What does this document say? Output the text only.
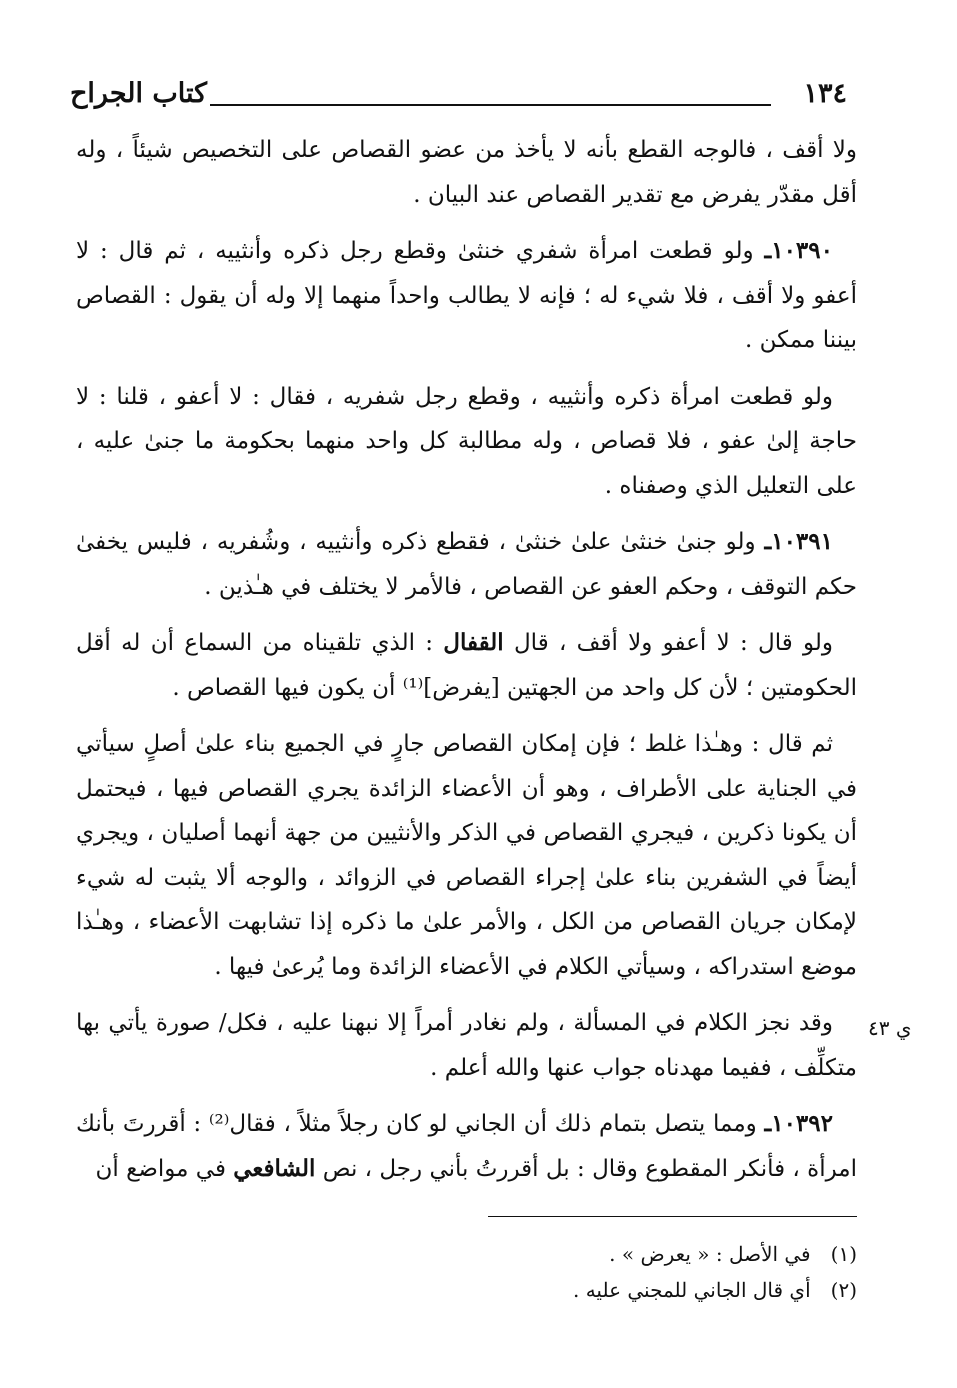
١٣٤
كتاب الجراح

ولا أقف ، فالوجه القطع بأنه لا يأخذ من عضو القصاص على التخصيص شيئاً ، وله أقل مقدّر يفرض مع تقدير القصاص عند البيان .

١٠٣٩٠ـ ولو قطعت امرأة شفري خنثىٰ وقطع رجل ذكره وأنثييه ، ثم قال : لا أعفو ولا أقف ، فلا شيء له ؛ فإنه لا يطالب واحداً منهما إلا وله أن يقول : القصاص بيننا ممكن .

ولو قطعت امرأة ذكره وأنثييه ، وقطع رجل شفريه ، فقال : لا أعفو ، قلنا : لا حاجة إلىٰ عفو ، فلا قصاص ، وله مطالبة كل واحد منهما بحكومة ما جنىٰ عليه ، على التعليل الذي وصفناه .

١٠٣٩١ـ ولو جنىٰ خنثىٰ علىٰ خنثىٰ ، فقطع ذكره وأنثييه ، وشُفريه ، فليس يخفىٰ حكم التوقف ، وحكم العفو عن القصاص ، فالأمر لا يختلف في هـٰذين .

ولو قال : لا أعفو ولا أقف ، قال القفال : الذي تلقيناه من السماع أن له أقل الحكومتين ؛ لأن كل واحد من الجهتين [يفرض]⁽¹⁾ أن يكون فيها القصاص .

ثم قال : وهـٰذا غلط ؛ فإن إمكان القصاص جارٍ في الجميع بناء علىٰ أصلٍ سيأتي في الجناية على الأطراف ، وهو أن الأعضاء الزائدة يجري القصاص فيها ، فيحتمل أن يكونا ذكرين ، فيجري القصاص في الذكر والأنثيين من جهة أنهما أصليان ، ويجري أيضاً في الشفرين بناء علىٰ إجراء القصاص في الزوائد ، والوجه ألا يثبت له شيء لإمكان جريان القصاص من الكل ، والأمر علىٰ ما ذكره إذا تشابهت الأعضاء ، وهـٰذا موضع استدراكه ، وسيأتي الكلام في الأعضاء الزائدة وما يُرعىٰ فيها .

وقد نجز الكلام في المسألة ، ولم نغادر أمراً إلا نبهنا عليه ، فكل/ صورة يأتي بها متكلِّف ، ففيما مهدناه جواب عنها والله أعلم .

١٠٣٩٢ـ ومما يتصل بتمام ذلك أن الجاني لو كان رجلاً مثلاً ، فقال⁽²⁾ : أقررتَ بأنك امرأة ، فأنكر المقطوع وقال : بل أقررتُ بأني رجل ، نص الشافعي في مواضع أن

ي ٤٣

(١)في الأصل : « يعرض » .

(٢)أي قال الجاني للمجني عليه .
